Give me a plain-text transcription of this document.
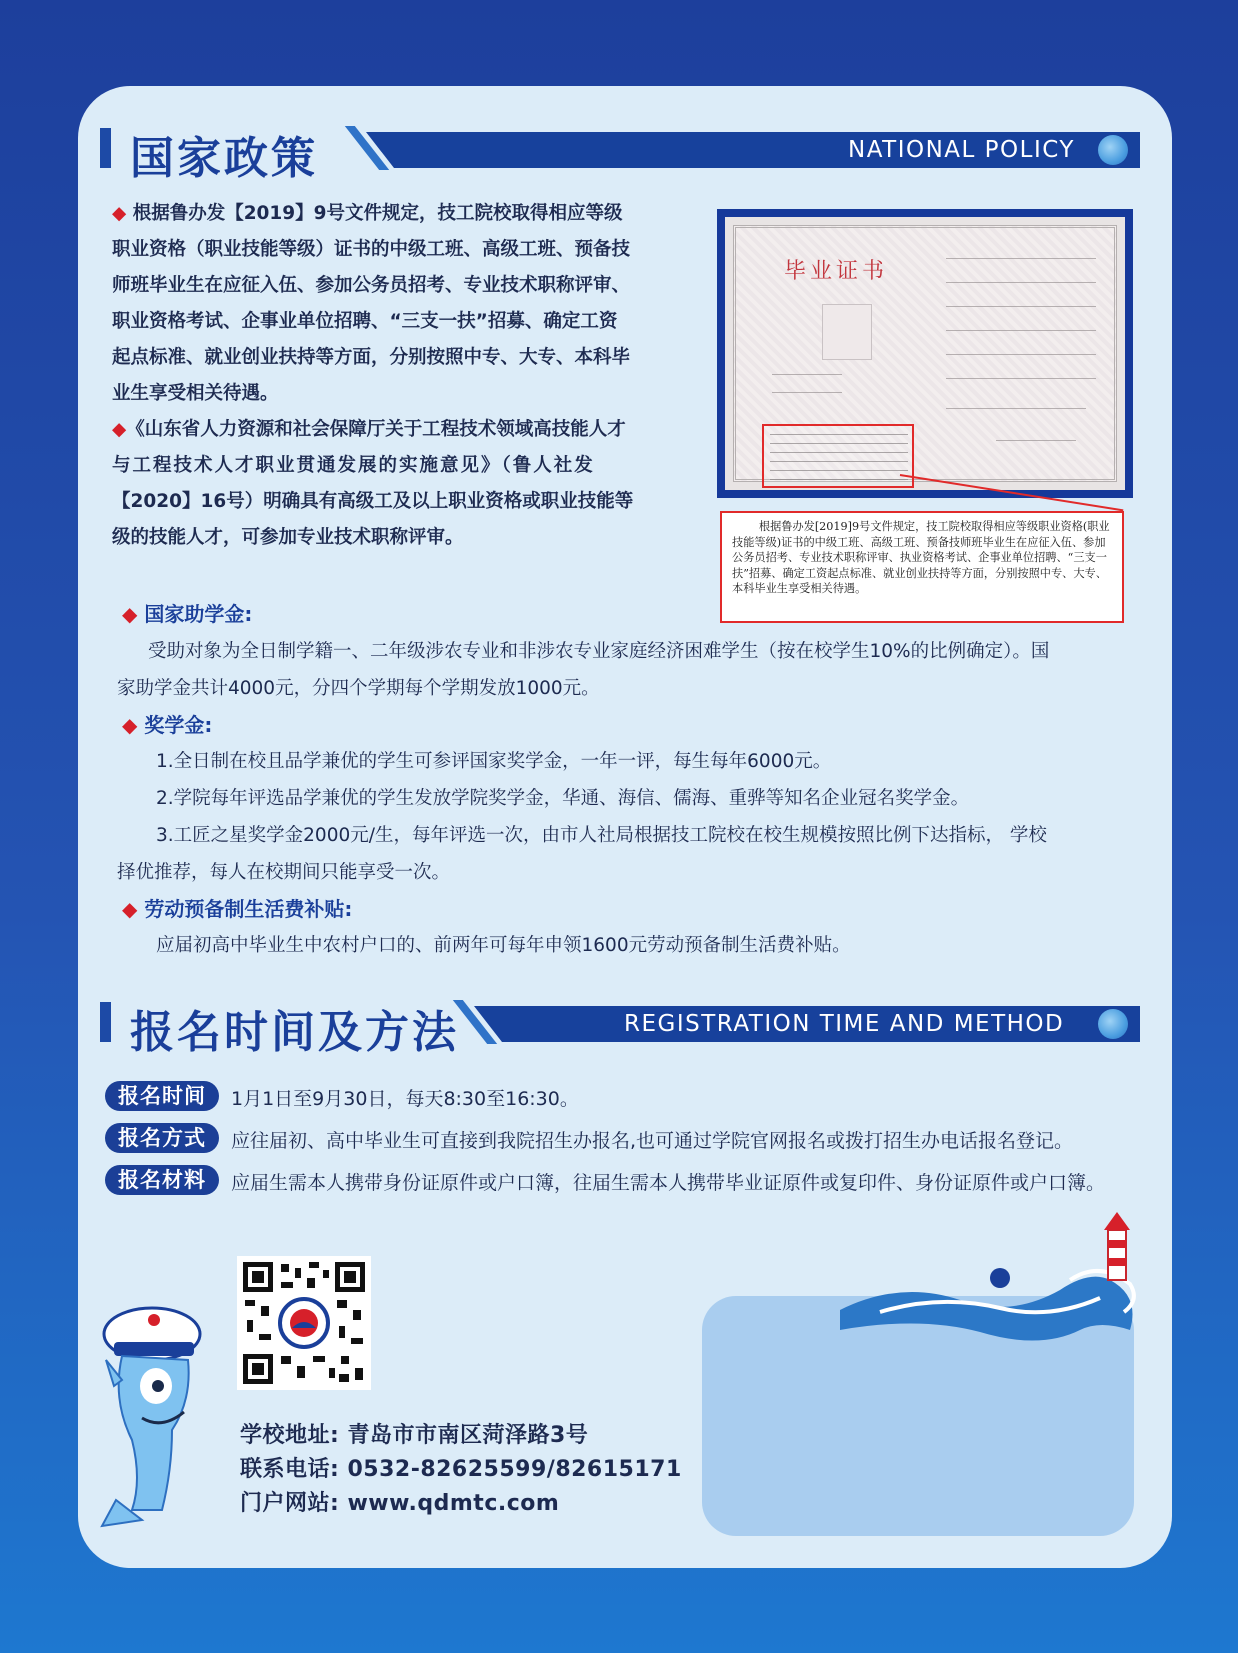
国家政策	NATIONAL POLICY
◆ 根据鲁办发【2019】9号文件规定，技工院校取得相应等级
职业资格（职业技能等级）证书的中级工班、高级工班、预备技
师班毕业生在应征入伍、参加公务员招考、专业技术职称评审、
职业资格考试、企事业单位招聘、“三支一扶”招募、确定工资
起点标准、就业创业扶持等方面，分别按照中专、大专、本科毕
业生享受相关待遇。
◆《山东省人力资源和社会保障厅关于工程技术领域高技能人才
与工程技术人才职业贯通发展的实施意见》（鲁人社发
【2020】16号）明确具有高级工及以上职业资格或职业技能等
级的技能人才，可参加专业技术职称评审。
毕业证书
根据鲁办发[2019]9号文件规定，技工院校取得相应等级职业资格(职业技能等级)证书的中级工班、高级工班、预备技师班毕业生在应征入伍、参加公务员招考、专业技术职称评审、执业资格考试、企事业单位招聘、“三支一扶”招募、确定工资起点标准、就业创业扶持等方面，分别按照中专、大专、本科毕业生享受相关待遇。
◆ 国家助学金:
受助对象为全日制学籍一、二年级涉农专业和非涉农专业家庭经济困难学生（按在校学生10%的比例确定）。国
家助学金共计4000元，分四个学期每个学期发放1000元。
◆ 奖学金:
1.全日制在校且品学兼优的学生可参评国家奖学金，一年一评，每生每年6000元。
2.学院每年评选品学兼优的学生发放学院奖学金，华通、海信、儒海、重骅等知名企业冠名奖学金。
3.工匠之星奖学金2000元/生，每年评选一次，由市人社局根据技工院校在校生规模按照比例下达指标， 学校
择优推荐，每人在校期间只能享受一次。
◆ 劳动预备制生活费补贴:
应届初高中毕业生中农村户口的、前两年可每年申领1600元劳动预备制生活费补贴。
报名时间及方法	REGISTRATION TIME AND METHOD
报名时间	1月1日至9月30日，每天8:30至16:30。
报名方式	应往届初、高中毕业生可直接到我院招生办报名,也可通过学院官网报名或拨打招生办电话报名登记。
报名材料	应届生需本人携带身份证原件或户口簿，往届生需本人携带毕业证原件或复印件、身份证原件或户口簿。
学校地址: 青岛市市南区菏泽路3号
联系电话: 0532-82625599/82615171
门户网站: www.qdmtc.com
